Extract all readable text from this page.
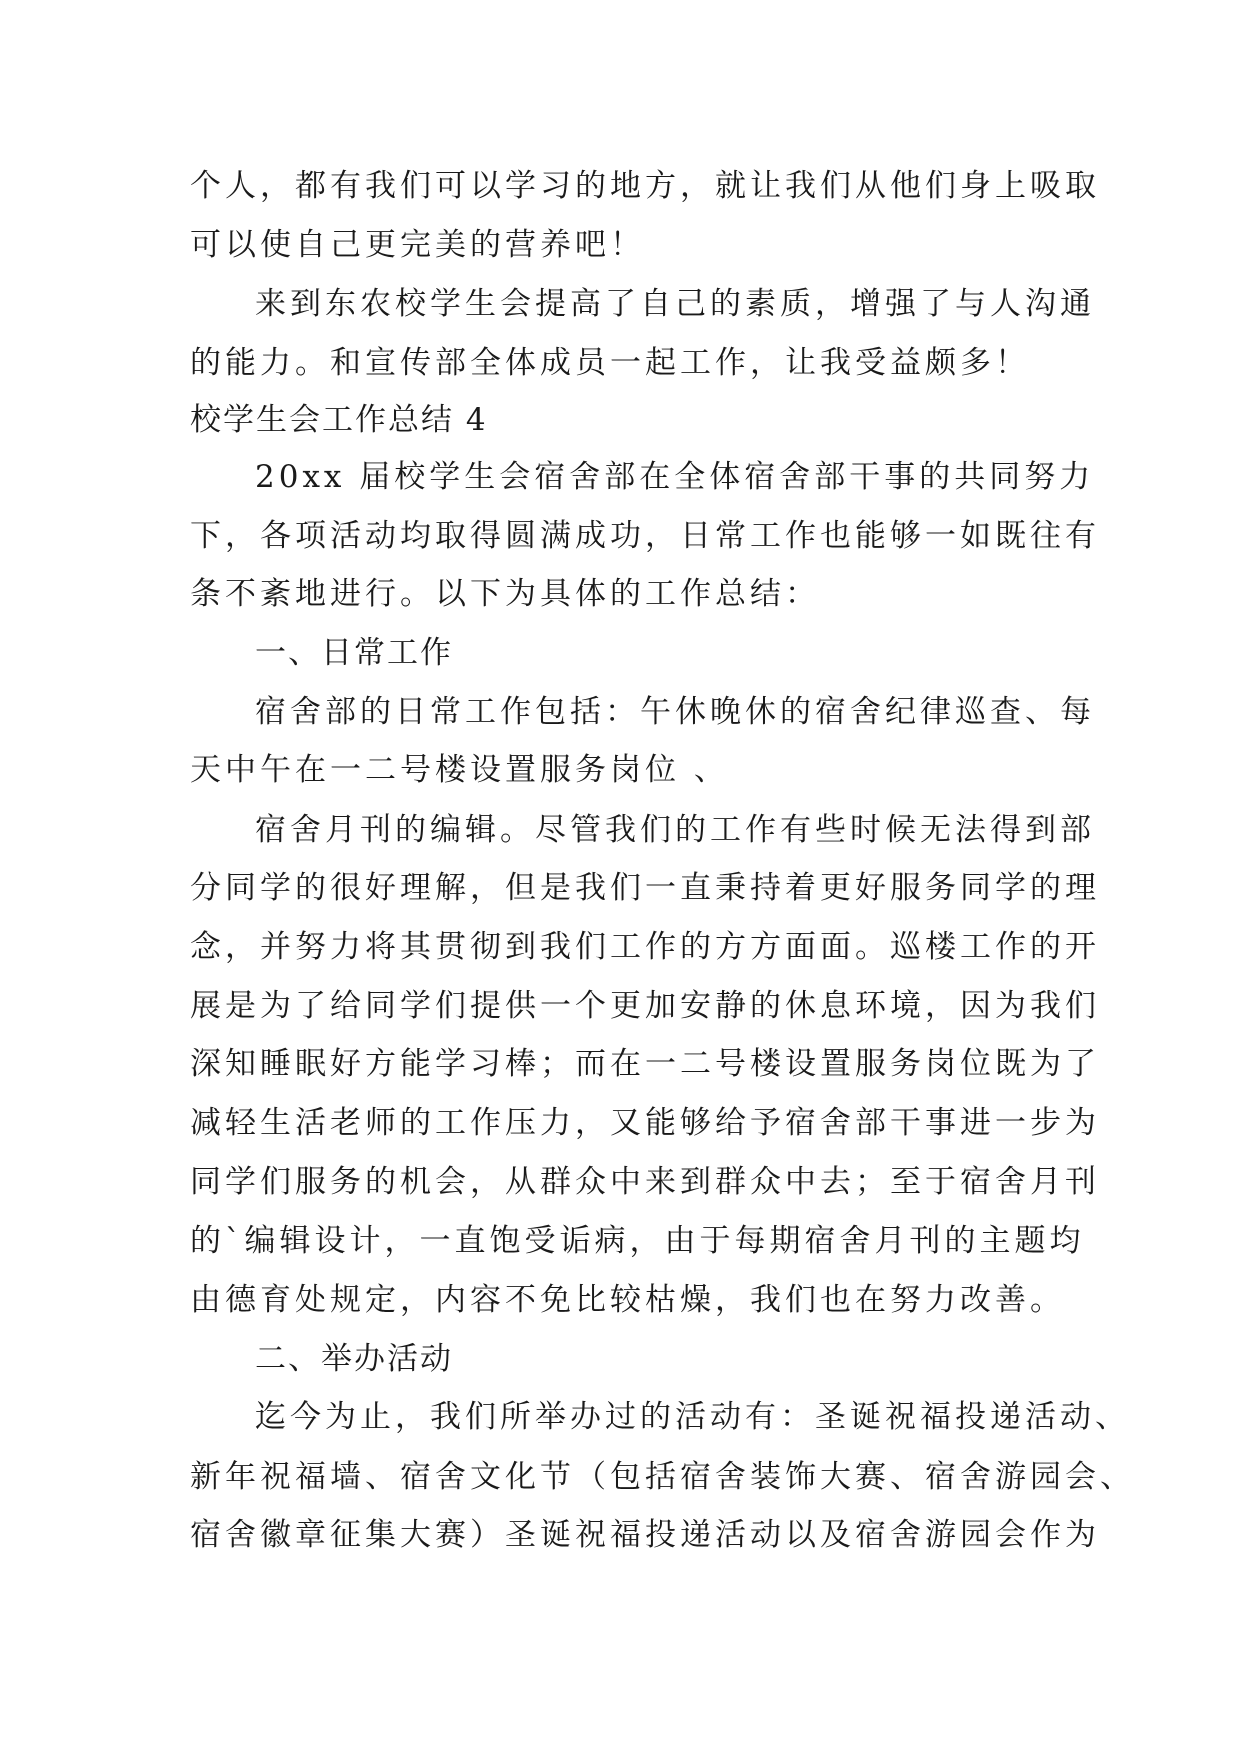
个人，都有我们可以学习的地方，就让我们从他们身上吸取
可以使自己更完美的营养吧！
来到东农校学生会提高了自己的素质，增强了与人沟通
的能力。和宣传部全体成员一起工作，让我受益颇多！
校学生会工作总结 4
20xx 届校学生会宿舍部在全体宿舍部干事的共同努力
下，各项活动均取得圆满成功，日常工作也能够一如既往有
条不紊地进行。以下为具体的工作总结：
一、日常工作
宿舍部的日常工作包括：午休晚休的宿舍纪律巡查、每
天中午在一二号楼设置服务岗位 、
宿舍月刊的编辑。尽管我们的工作有些时候无法得到部
分同学的很好理解，但是我们一直秉持着更好服务同学的理
念，并努力将其贯彻到我们工作的方方面面。巡楼工作的开
展是为了给同学们提供一个更加安静的休息环境，因为我们
深知睡眠好方能学习棒；而在一二号楼设置服务岗位既为了
减轻生活老师的工作压力，又能够给予宿舍部干事进一步为
同学们服务的机会，从群众中来到群众中去；至于宿舍月刊
的`编辑设计，一直饱受诟病，由于每期宿舍月刊的主题均
由德育处规定，内容不免比较枯燥，我们也在努力改善。
二、举办活动
迄今为止，我们所举办过的活动有：圣诞祝福投递活动、
新年祝福墙、宿舍文化节（包括宿舍装饰大赛、宿舍游园会、
宿舍徽章征集大赛）圣诞祝福投递活动以及宿舍游园会作为
